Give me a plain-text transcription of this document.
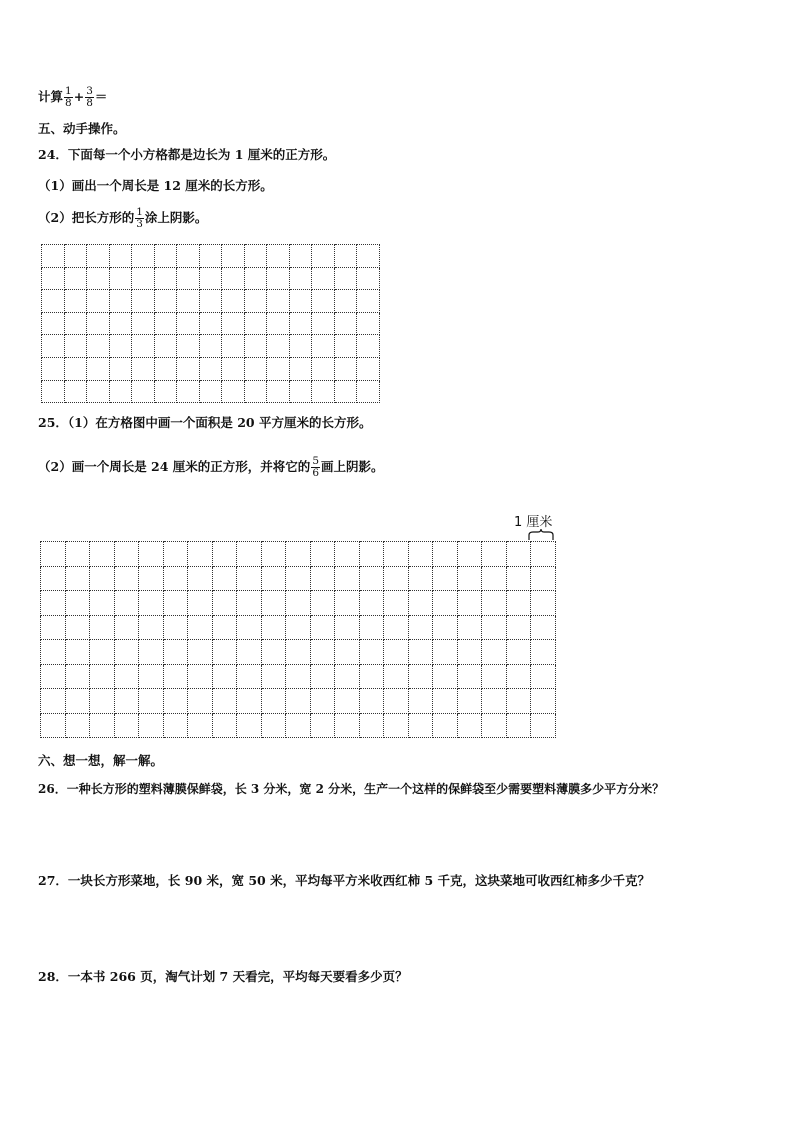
计算 $\frac{1}{8} + \frac{3}{8}$ ＝
五、动手操作。
24．下面每一个小方格都是边长为 1 厘米的正方形。
（1）画出一个周长是 12 厘米的长方形。
（2）把长方形的 $\frac{1}{3}$ 涂上阴影。

25．（1）在方格图中画一个面积是 20 平方厘米的长方形。
（2）画一个周长是 24 厘米的正方形，并将它的 $\frac{5}{6}$ 画上阴影。
1 厘米

六、想一想，解一解。
26．一种长方形的塑料薄膜保鲜袋，长 3 分米，宽 2 分米，生产一个这样的保鲜袋至少需要塑料薄膜多少平方分米？
27．一块长方形菜地，长 90 米，宽 50 米，平均每平方米收西红柿 5 千克，这块菜地可收西红柿多少千克？
28．一本书 266 页，淘气计划 7 天看完，平均每天要看多少页？
